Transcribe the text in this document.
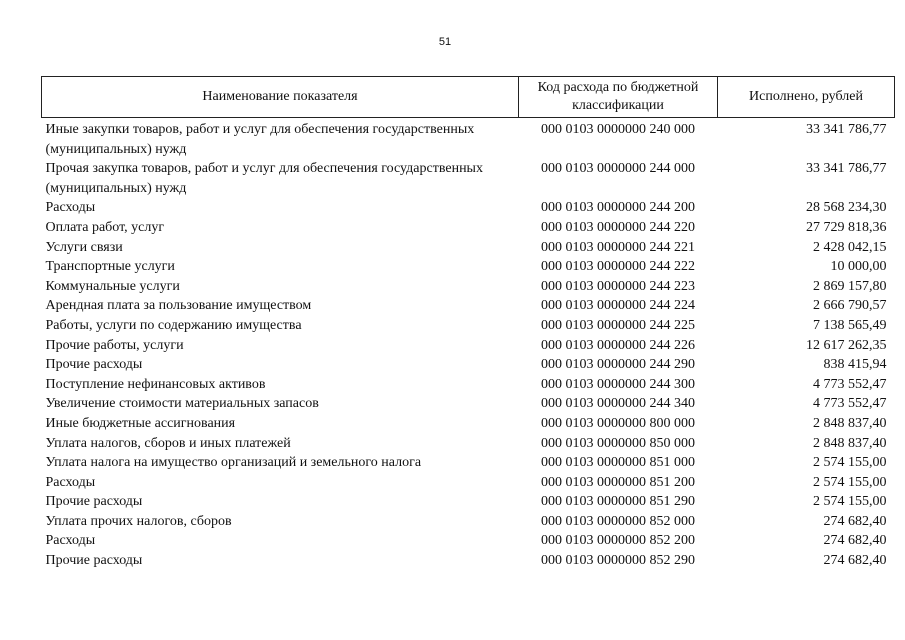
51
Наименование показателя	Код расхода по бюджетной классификации	Исполнено, рублей
Иные закупки товаров, работ и услуг для обеспечения государственных (муниципальных) нужд	000 0103 0000000 240 000	33 341 786,77
Прочая закупка товаров, работ и услуг для обеспечения государственных (муниципальных) нужд	000 0103 0000000 244 000	33 341 786,77
Расходы	000 0103 0000000 244 200	28 568 234,30
Оплата работ, услуг	000 0103 0000000 244 220	27 729 818,36
Услуги связи	000 0103 0000000 244 221	2 428 042,15
Транспортные услуги	000 0103 0000000 244 222	10 000,00
Коммунальные услуги	000 0103 0000000 244 223	2 869 157,80
Арендная плата за пользование имуществом	000 0103 0000000 244 224	2 666 790,57
Работы, услуги по содержанию имущества	000 0103 0000000 244 225	7 138 565,49
Прочие работы, услуги	000 0103 0000000 244 226	12 617 262,35
Прочие расходы	000 0103 0000000 244 290	838 415,94
Поступление нефинансовых активов	000 0103 0000000 244 300	4 773 552,47
Увеличение стоимости материальных запасов	000 0103 0000000 244 340	4 773 552,47
Иные бюджетные ассигнования	000 0103 0000000 800 000	2 848 837,40
Уплата налогов, сборов и иных платежей	000 0103 0000000 850 000	2 848 837,40
Уплата налога на имущество организаций и земельного налога	000 0103 0000000 851 000	2 574 155,00
Расходы	000 0103 0000000 851 200	2 574 155,00
Прочие расходы	000 0103 0000000 851 290	2 574 155,00
Уплата прочих налогов, сборов	000 0103 0000000 852 000	274 682,40
Расходы	000 0103 0000000 852 200	274 682,40
Прочие расходы	000 0103 0000000 852 290	274 682,40
